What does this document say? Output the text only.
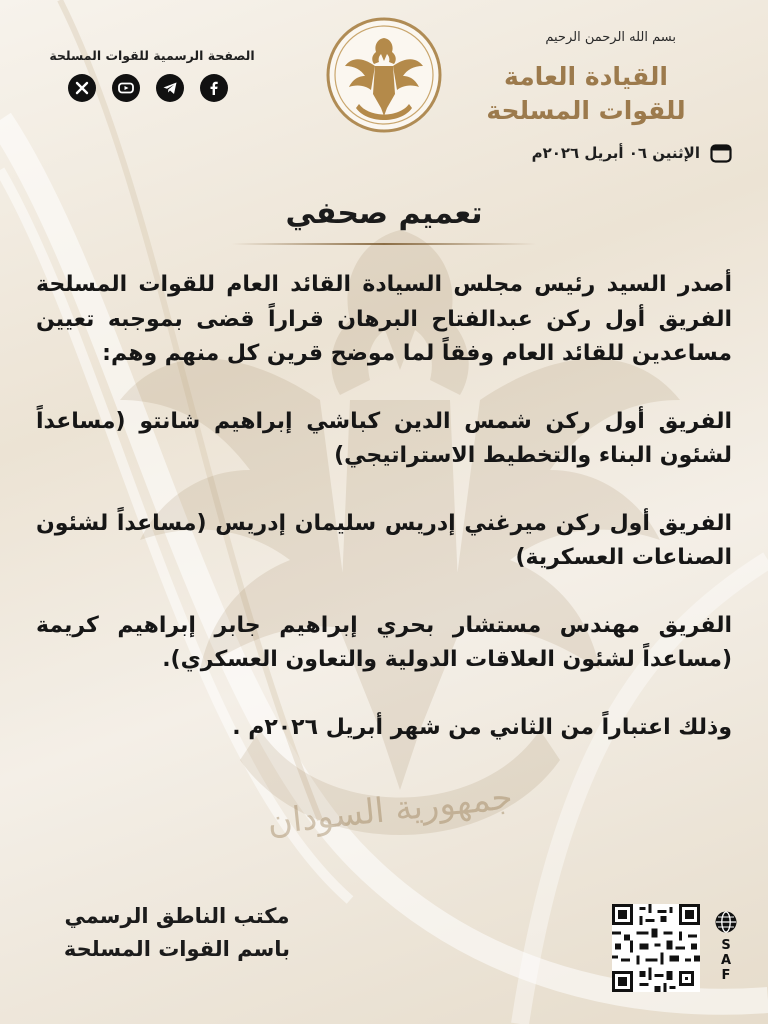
جمهورية السودان
بسم الله الرحمن الرحيم
القيادة العامة
للقوات المسلحة
الإثنين ٠٦ أبريل ٢٠٢٦م
الصفحة الرسمية للقوات المسلحة
تعميم صحفي

أصدر السيد رئيس مجلس السيادة القائد العام للقوات المسلحة الفريق أول ركن عبدالفتاح البرهان قراراً قضى بموجبه تعيين مساعدين للقائد العام وفقاً لما موضح قرين كل منهم وهم:

الفريق أول ركن شمس الدين كباشي إبراهيم شانتو (مساعداً لشئون البناء والتخطيط الاستراتيجي)

الفريق أول ركن ميرغني إدريس سليمان إدريس (مساعداً لشئون الصناعات العسكرية)

الفريق مهندس مستشار بحري إبراهيم جابر إبراهيم كريمة (مساعداً لشئون العلاقات الدولية والتعاون العسكري).

وذلك اعتباراً من الثاني من شهر أبريل ٢٠٢٦م .

مكتب الناطق الرسمي
باسم القوات المسلحة	S
A
F
